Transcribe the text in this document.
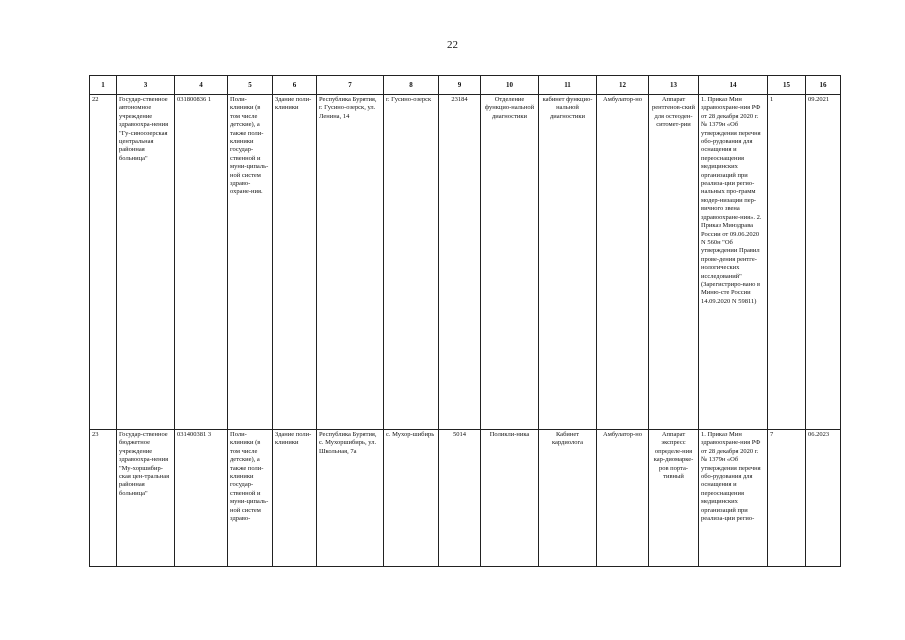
22
1	3	4	5	6	7	8	9	10	11	12	13	14	15	16
22	Государ-ственное автономное учреждение здравоохра-нения "Гу-синоозерская центральная районная больница"	031800836 1	Поли-клиники (в том числе детские), а также поли-клиники государ-ственной и муни-ципаль-ной систем здраво-охране-ния.	Здание поли-клиники	Республика Бурятия, г. Гусино-озерск, ул. Ленина, 14	г. Гусино-озерск	23184	Отделение функцио-нальной диагностики	кабинет функцио-нальной диагностики	Амбулатор-но	Аппарат рентгенов-ский для остеоден-ситомет-рии	1. Приказ Мин здравоохране-ния РФ от 28 декабря 2020 г. № 1379н «Об утверждения перечня обо-рудования для оснащения и переоснащения медицинских организаций при реализа-ции регио-нальных про-грамм модер-низации пер-вичного звена здравоохране-ния». 2. Приказ Минздрава России от 09.06.2020 N 560н "Об утверждении Правил прове-дения рентге-нологических исследований" (Зарегистриро-вано в Миню-сте России 14.09.2020 N 59811)	1	09.2021
23	Государ-ственное бюджетное учреждение здравоохра-нения "Му-хоршибир-ская цен-тральная районная больница"	031400381 3	Поли-клиники (в том числе детские), а также поли-клиники государ-ственной и муни-ципаль-ной систем здраво-	Здание поли-клиники	Республика Бурятия, с. Мухоршибирь, ул. Школьная, 7а	с. Мухор-шибирь	5014	Поликли-ника	Кабинет кардиолога	Амбулатор-но	Аппарат экспресс определе-ния кар-диомарке-ров порта-тивный	1. Приказ Мин здравоохране-ния РФ от 28 декабря 2020 г. № 1379н «Об утверждения перечня обо-рудования для оснащения и переоснащения медицинских организаций при реализа-ции регио-	7	06.2023
